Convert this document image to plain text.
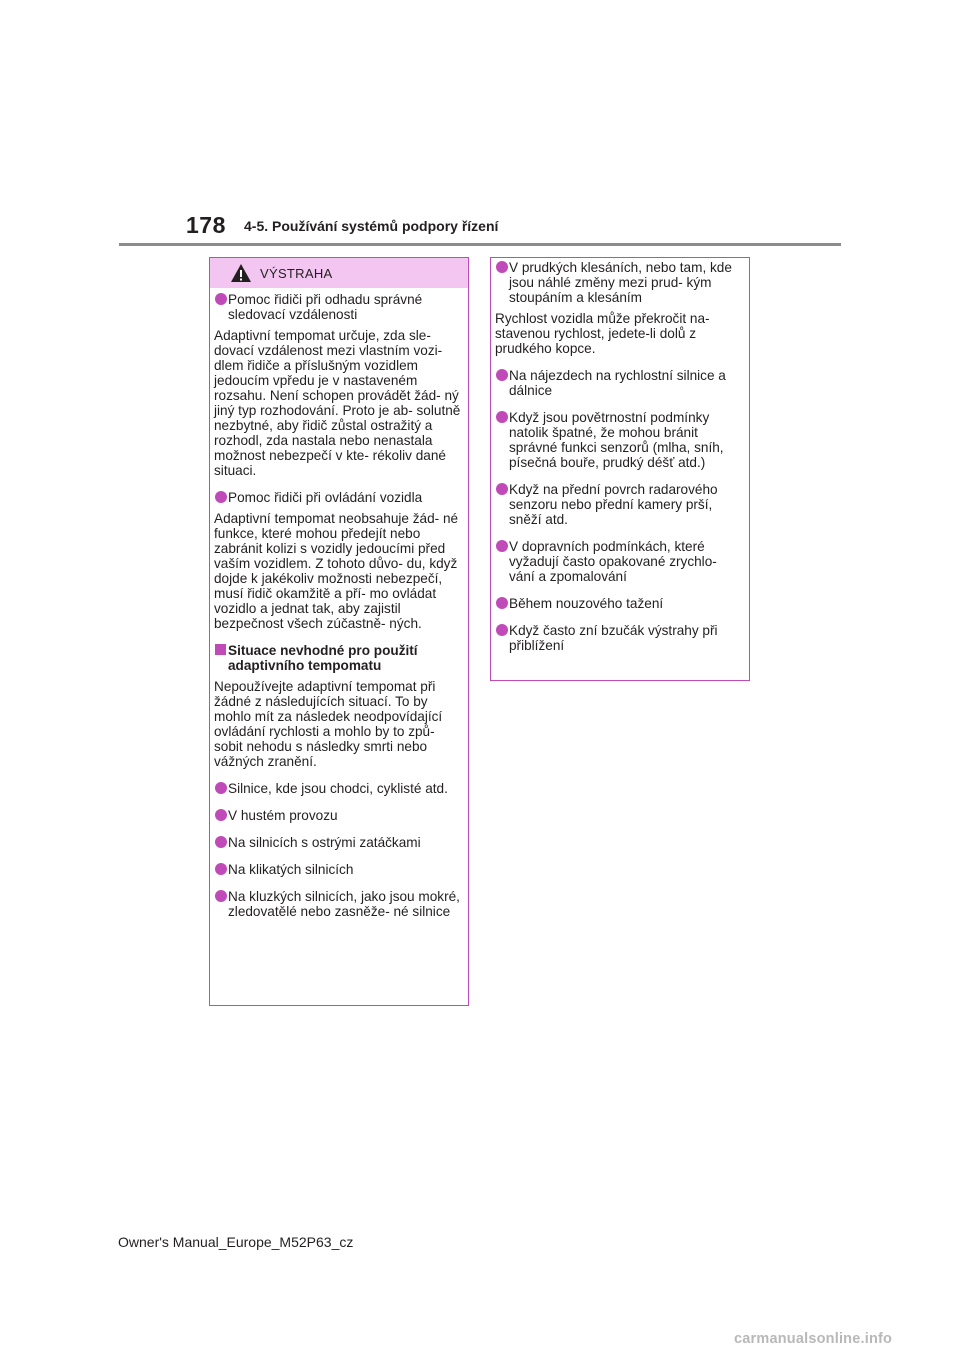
178 4-5. Používání systémů podpory řízení
VÝSTRAHA
Pomoc řidiči při odhadu správné sledovací vzdálenosti
Adaptivní tempomat určuje, zda sle- dovací vzdálenost mezi vlastním vozi- dlem řidiče a příslušným vozidlem jedoucím vpředu je v nastaveném rozsahu. Není schopen provádět žád- ný jiný typ rozhodování. Proto je ab- solutně nezbytné, aby řidič zůstal ostražitý a rozhodl, zda nastala nebo nenastala možnost nebezpečí v kte- rékoliv dané situaci.
Pomoc řidiči při ovládání vozidla
Adaptivní tempomat neobsahuje žád- né funkce, které mohou předejít nebo zabránit kolizi s vozidly jedoucími před vaším vozidlem. Z tohoto důvo- du, když dojde k jakékoliv možnosti nebezpečí, musí řidič okamžitě a pří- mo ovládat vozidlo a jednat tak, aby zajistil bezpečnost všech zúčastně- ných.
Situace nevhodné pro použití adaptivního tempomatu
Nepoužívejte adaptivní tempomat při žádné z následujících situací. To by mohlo mít za následek neodpovídající ovládání rychlosti a mohlo by to způ- sobit nehodu s následky smrti nebo vážných zranění.
Silnice, kde jsou chodci, cyklisté atd.
V hustém provozu
Na silnicích s ostrými zatáčkami
Na klikatých silnicích
Na kluzkých silnicích, jako jsou mokré, zledovatělé nebo zasněže- né silnice
V prudkých klesáních, nebo tam, kde jsou náhlé změny mezi prud- kým stoupáním a klesáním
Rychlost vozidla může překročit na- stavenou rychlost, jedete-li dolů z prudkého kopce.
Na nájezdech na rychlostní silnice a dálnice
Když jsou povětrnostní podmínky natolik špatné, že mohou bránit správné funkci senzorů (mlha, sníh, písečná bouře, prudký déšť atd.)
Když na přední povrch radarového senzoru nebo přední kamery prší, sněží atd.
V dopravních podmínkách, které vyžadují často opakované zrychlo- vání a zpomalování
Během nouzového tažení
Když často zní bzučák výstrahy při přiblížení
Owner's Manual_Europe_M52P63_cz
carmanualsonline.info
